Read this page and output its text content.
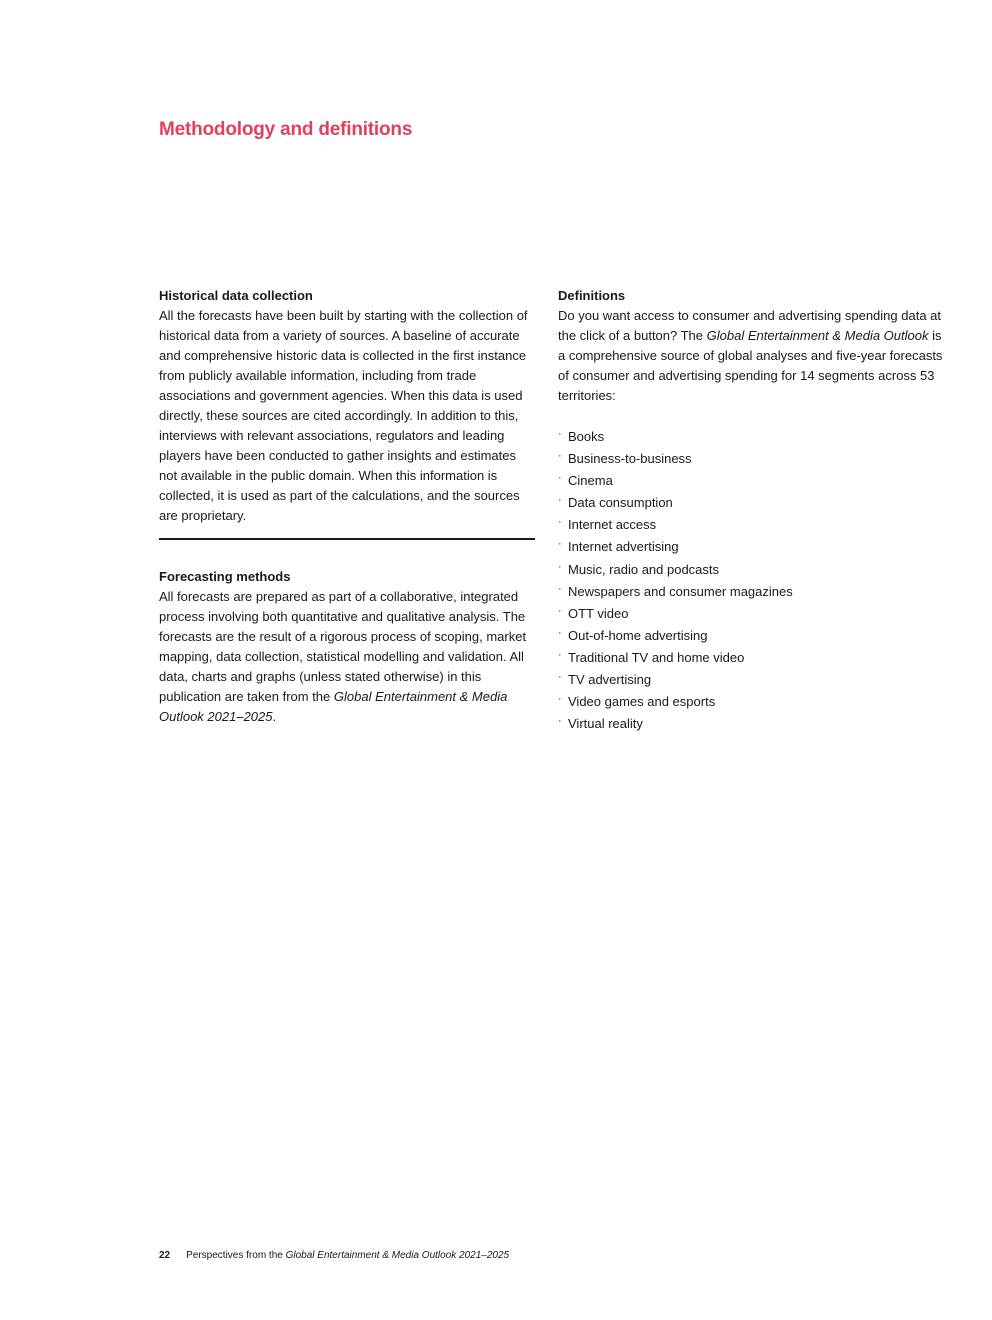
Methodology and definitions
Historical data collection

All the forecasts have been built by starting with the collection of historical data from a variety of sources. A baseline of accurate and comprehensive historic data is collected in the first instance from publicly available information, including from trade associations and government agencies. When this data is used directly, these sources are cited accordingly. In addition to this, interviews with relevant associations, regulators and leading players have been conducted to gather insights and estimates not available in the public domain. When this information is collected, it is used as part of the calculations, and the sources are proprietary.

Forecasting methods

All forecasts are prepared as part of a collaborative, integrated process involving both quantitative and qualitative analysis. The forecasts are the result of a rigorous process of scoping, market mapping, data collection, statistical modelling and validation. All data, charts and graphs (unless stated otherwise) in this publication are taken from the Global Entertainment & Media Outlook 2021–2025.

Definitions

Do you want access to consumer and advertising spending data at the click of a button? The Global Entertainment & Media Outlook is a comprehensive source of global analyses and five-year forecasts of consumer and advertising spending for 14 segments across 53 territories:

· Books
· Business-to-business
· Cinema
· Data consumption
· Internet access
· Internet advertising
· Music, radio and podcasts
· Newspapers and consumer magazines
· OTT video
· Out-of-home advertising
· Traditional TV and home video
· TV advertising
· Video games and esports
· Virtual reality
22 Perspectives from the Global Entertainment & Media Outlook 2021–2025
